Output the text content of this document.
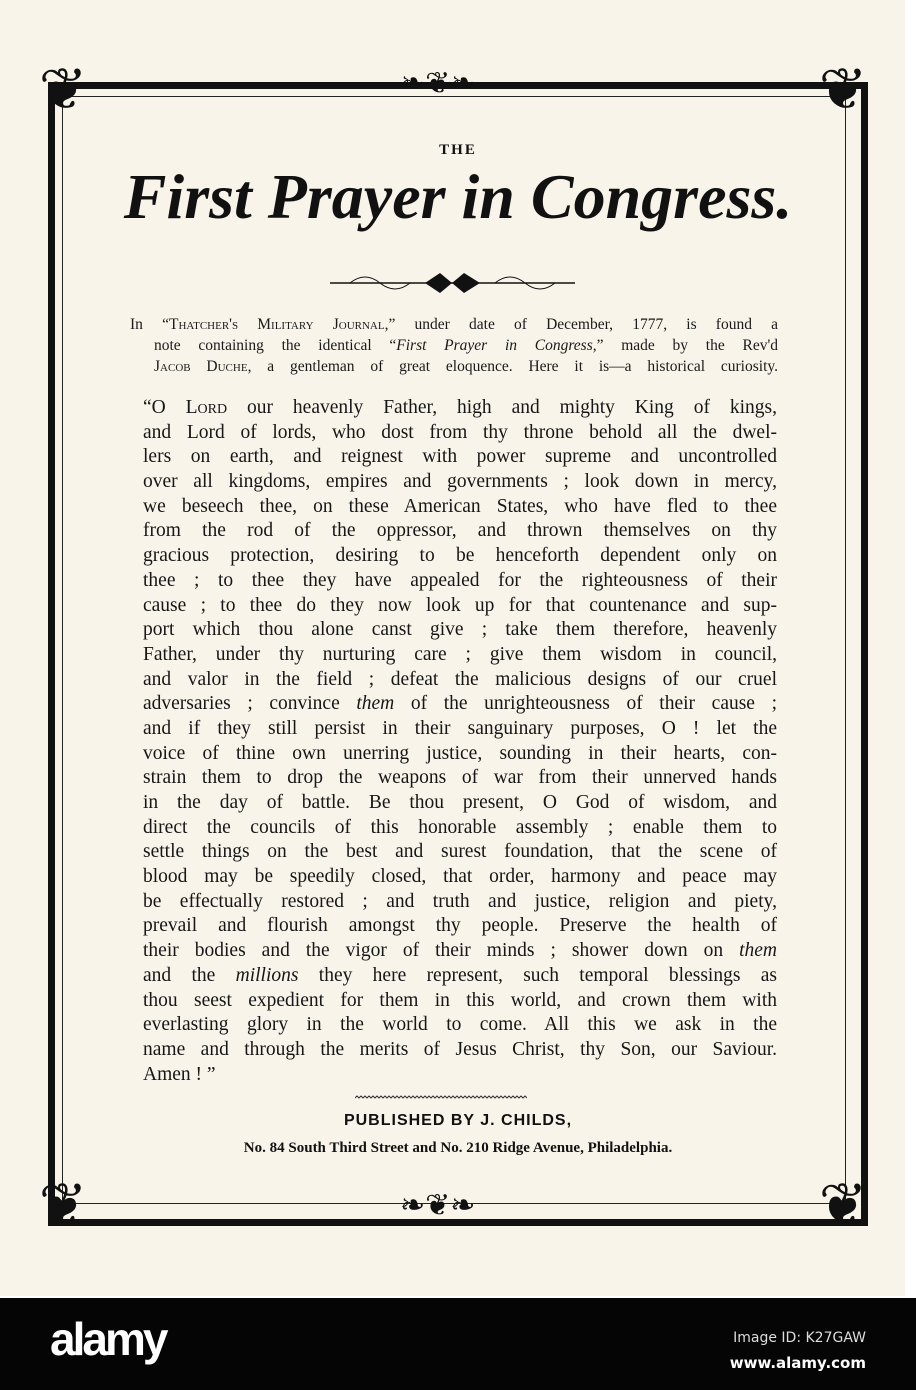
❦	❦
❦	❦
❧❦❧
❧❦❧
THE
First Prayer in Congress.
In “Thatcher's Military Journal,” under date of December, 1777, is found a
note containing the identical “First Prayer in Congress,” made by the Rev'd
Jacob Duche, a gentleman of great eloquence. Here it is—a historical curiosity.
“O Lord our heavenly Father, high and mighty King of kings,
and Lord of lords, who dost from thy throne behold all the dwel-
lers on earth, and reignest with power supreme and uncontrolled
over all kingdoms, empires and governments ; look down in mercy,
we beseech thee, on these American States, who have fled to thee
from the rod of the oppressor, and thrown themselves on thy
gracious protection, desiring to be henceforth dependent only on
thee ; to thee they have appealed for the righteousness of their
cause ; to thee do they now look up for that countenance and sup-
port which thou alone canst give ; take them therefore, heavenly
Father, under thy nurturing care ; give them wisdom in council,
and valor in the field ; defeat the malicious designs of our cruel
adversaries ; convince them of the unrighteousness of their cause ;
and if they still persist in their sanguinary purposes, O ! let the
voice of thine own unerring justice, sounding in their hearts, con-
strain them to drop the weapons of war from their unnerved hands
in the day of battle. Be thou present, O God of wisdom, and
direct the councils of this honorable assembly ; enable them to
settle things on the best and surest foundation, that the scene of
blood may be speedily closed, that order, harmony and peace may
be effectually restored ; and truth and justice, religion and piety,
prevail and flourish amongst thy people. Preserve the health of
their bodies and the vigor of their minds ; shower down on them
and the millions they here represent, such temporal blessings as
thou seest expedient for them in this world, and crown them with
everlasting glory in the world to come. All this we ask in the
name and through the merits of Jesus Christ, thy Son, our Saviour.
Amen ! ”
PUBLISHED BY J. CHILDS,
No. 84 South Third Street and No. 210 Ridge Avenue, Philadelphia.
alamy	Image ID: K27GAW
www.alamy.com
